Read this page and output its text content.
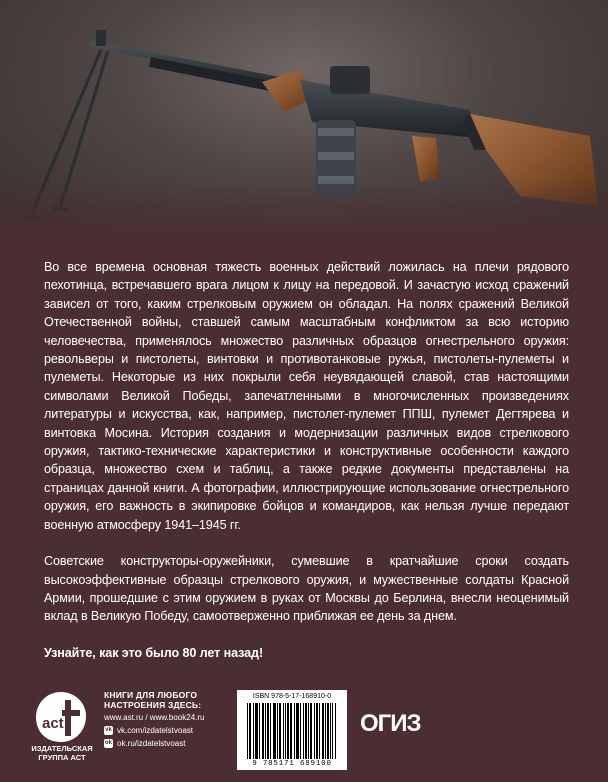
Во все времена основная тяжесть военных действий ложилась на плечи рядового пехотинца, встречавшего врага лицом к лицу на передовой. И зачастую исход сражений зависел от того, каким стрелковым оружием он обладал. На полях сражений Великой Отечественной войны, ставшей самым масштабным конфликтом за всю историю человечества, применялось множество различных образцов огнестрельного оружия: револьверы и пистолеты, винтовки и противотанковые ружья, пистолеты-пулеметы и пулеметы. Некоторые из них покрыли себя неувядающей славой, став настоящими символами Великой Победы, запечатленными в многочисленных произведениях литературы и искусства, как, например, пистолет-пулемет ППШ, пулемет Дегтярева и винтовка Мосина. История создания и модернизации различных видов стрелкового оружия, тактико-технические характеристики и конструктивные особенности каждого образца, множество схем и таблиц, а также редкие документы представлены на страницах данной книги. А фотографии, иллюстрирующие использование огнестрельного оружия, его важность в экипировке бойцов и командиров, как нельзя лучше передают военную атмосферу 1941–1945 гг.

Советские конструкторы-оружейники, сумевшие в кратчайшие сроки создать высокоэффективные образцы стрелкового оружия, и мужественные солдаты Красной Армии, прошедшие с этим оружием в руках от Москвы до Берлина, внесли неоценимый вклад в Великую Победу, самоотверженно приближая ее день за днем.

Узнайте, как это было 80 лет назад!

act
ИЗДАТЕЛЬСКАЯ ГРУППА АСТ
КНИГИ ДЛЯ ЛЮБОГО НАСТРОЕНИЯ ЗДЕСЬ:
www.ast.ru / www.book24.ru
vk vk.com/izdatelstvoast
ok ok.ru/izdatelstvoast
ISBN 978-5-17-168910-0
9 785171 689100
ОГИЗ
